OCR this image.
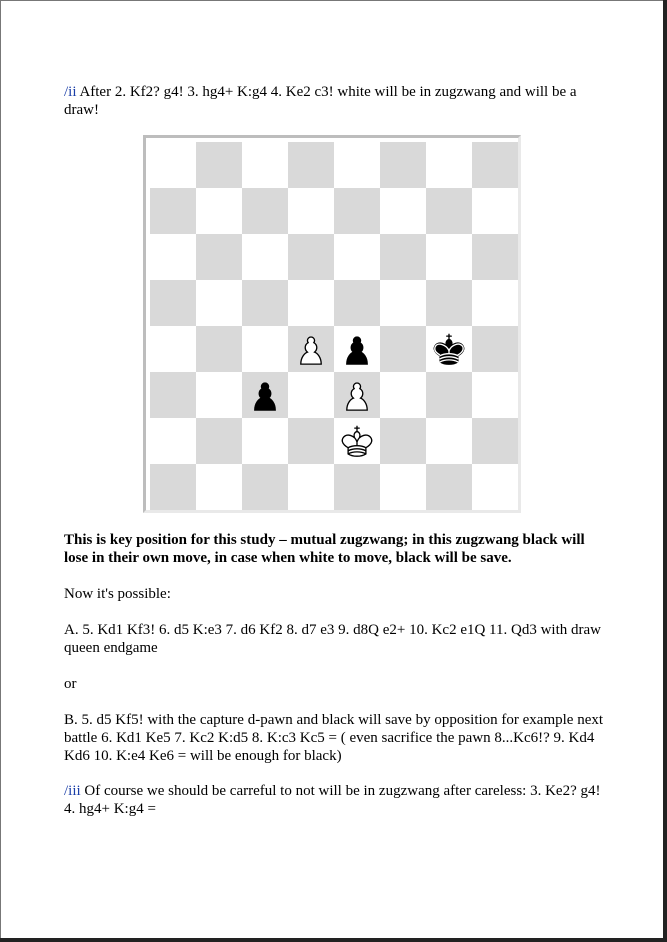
/ii After 2. Kf2? g4! 3. hg4+ K:g4 4. Ke2 c3! white will be in zugzwang and will be a draw!

This is key position for this study – mutual zugzwang; in this zugzwang black will lose in their own move, in case when white to move, black will be save.

Now it's possible:

A. 5. Kd1 Kf3! 6. d5 K:e3 7. d6 Kf2 8. d7 e3 9. d8Q e2+ 10. Kc2 e1Q 11. Qd3 with draw queen endgame

or

B. 5. d5 Kf5! with the capture d-pawn and black will save by opposition for example next battle 6. Kd1 Ke5 7. Kc2 K:d5 8. K:c3 Kc5 = ( even sacrifice the pawn 8...Kc6!? 9. Kd4 Kd6 10. K:e4 Ke6 = will be enough for black)

/iii Of course we should be carreful to not will be in zugzwang after careless: 3. Ke2? g4! 4. hg4+ K:g4 =
